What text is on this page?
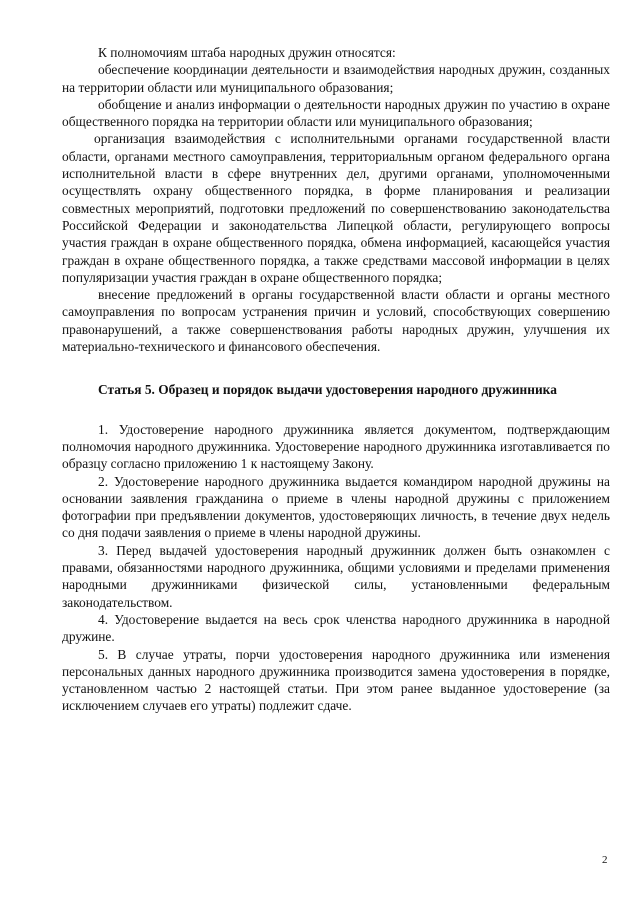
К полномочиям штаба народных дружин относятся:

обеспечение координации деятельности и взаимодействия народных дружин, созданных на территории области или муниципального образования;

обобщение и анализ информации о деятельности народных дружин по участию в охране общественного порядка на территории области или муниципального образования;

организация взаимодействия с исполнительными органами государственной власти области, органами местного самоуправления, территориальным органом федерального органа исполнительной власти в сфере внутренних дел, другими органами, уполномоченными осуществлять охрану общественного порядка, в форме планирования и реализации совместных мероприятий, подготовки предложений по совершенствованию законодательства Российской Федерации и законодательства Липецкой области, регулирующего вопросы участия граждан в охране общественного порядка, обмена информацией, касающейся участия граждан в охране общественного порядка, а также средствами массовой информации в целях популяризации участия граждан в охране общественного порядка;

внесение предложений в органы государственной власти области и органы местного самоуправления по вопросам устранения причин и условий, способствующих совершению правонарушений, а также совершенствования работы народных дружин, улучшения их материально-технического и финансового обеспечения.

Статья 5. Образец и порядок выдачи удостоверения народного дружинника

1. Удостоверение народного дружинника является документом, подтверждающим полномочия народного дружинника. Удостоверение народного дружинника изготавливается по образцу согласно приложению 1 к настоящему Закону.

2. Удостоверение народного дружинника выдается командиром народной дружины на основании заявления гражданина о приеме в члены народной дружины с приложением фотографии при предъявлении документов, удостоверяющих личность, в течение двух недель со дня подачи заявления о приеме в члены народной дружины.

3. Перед выдачей удостоверения народный дружинник должен быть ознакомлен с правами, обязанностями народного дружинника, общими условиями и пределами применения народными дружинниками физической силы, установленными федеральным законодательством.

4. Удостоверение выдается на весь срок членства народного дружинника в народной дружине.

5. В случае утраты, порчи удостоверения народного дружинника или изменения персональных данных народного дружинника производится замена удостоверения в порядке, установленном частью 2 настоящей статьи. При этом ранее выданное удостоверение (за исключением случаев его утраты) подлежит сдаче.

2
